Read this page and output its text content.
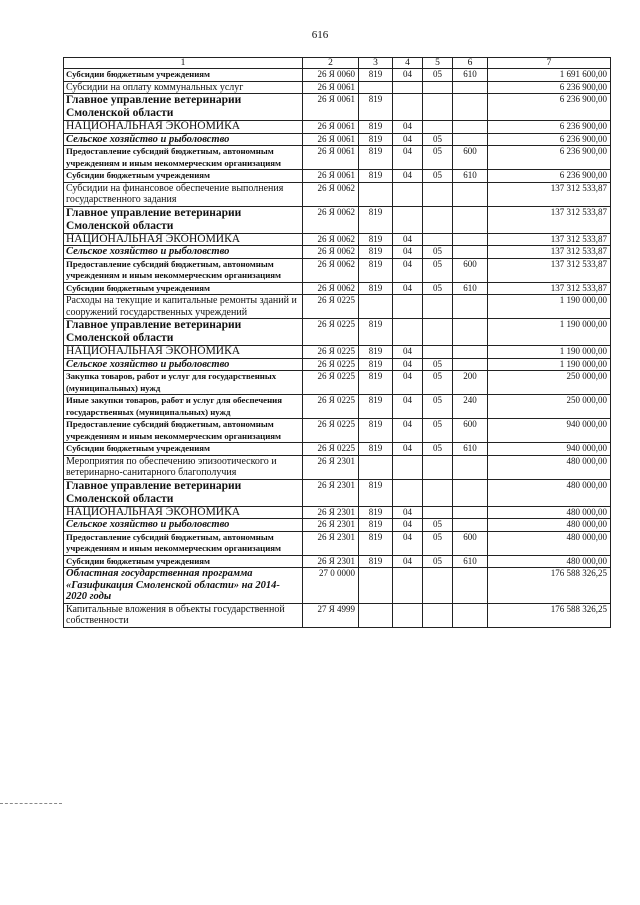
616
1	2	3	4	5	6	7
Субсидии бюджетным учреждениям	26 Я 0060	819	04	05	610	1 691 600,00
Субсидии на оплату коммунальных услуг	26 Я 0061					6 236 900,00
Главное управление ветеринарии Смоленской области	26 Я 0061	819				6 236 900,00
НАЦИОНАЛЬНАЯ ЭКОНОМИКА	26 Я 0061	819	04			6 236 900,00
Сельское хозяйство и рыболовство	26 Я 0061	819	04	05		6 236 900,00
Предоставление субсидий бюджетным, автономным учреждениям и иным некоммерческим организациям	26 Я 0061	819	04	05	600	6 236 900,00
Субсидии бюджетным учреждениям	26 Я 0061	819	04	05	610	6 236 900,00
Субсидии на финансовое обеспечение выполнения государственного задания	26 Я 0062					137 312 533,87
Главное управление ветеринарии Смоленской области	26 Я 0062	819				137 312 533,87
НАЦИОНАЛЬНАЯ ЭКОНОМИКА	26 Я 0062	819	04			137 312 533,87
Сельское хозяйство и рыболовство	26 Я 0062	819	04	05		137 312 533,87
Предоставление субсидий бюджетным, автономным учреждениям и иным некоммерческим организациям	26 Я 0062	819	04	05	600	137 312 533,87
Субсидии бюджетным учреждениям	26 Я 0062	819	04	05	610	137 312 533,87
Расходы на текущие и капитальные ремонты зданий и сооружений государственных учреждений	26 Я 0225					1 190 000,00
Главное управление ветеринарии Смоленской области	26 Я 0225	819				1 190 000,00
НАЦИОНАЛЬНАЯ ЭКОНОМИКА	26 Я 0225	819	04			1 190 000,00
Сельское хозяйство и рыболовство	26 Я 0225	819	04	05		1 190 000,00
Закупка товаров, работ и услуг для государственных (муниципальных) нужд	26 Я 0225	819	04	05	200	250 000,00
Иные закупки товаров, работ и услуг для обеспечения государственных (муниципальных) нужд	26 Я 0225	819	04	05	240	250 000,00
Предоставление субсидий бюджетным, автономным учреждениям и иным некоммерческим организациям	26 Я 0225	819	04	05	600	940 000,00
Субсидии бюджетным учреждениям	26 Я 0225	819	04	05	610	940 000,00
Мероприятия по обеспечению эпизоотического и ветеринарно-санитарного благополучия	26 Я 2301					480 000,00
Главное управление ветеринарии Смоленской области	26 Я 2301	819				480 000,00
НАЦИОНАЛЬНАЯ ЭКОНОМИКА	26 Я 2301	819	04			480 000,00
Сельское хозяйство и рыболовство	26 Я 2301	819	04	05		480 000,00
Предоставление субсидий бюджетным, автономным учреждениям и иным некоммерческим организациям	26 Я 2301	819	04	05	600	480 000,00
Субсидии бюджетным учреждениям	26 Я 2301	819	04	05	610	480 000,00
Областная государственная программа «Газификация Смоленской области» на 2014-2020 годы	27 0 0000					176 588 326,25
Капитальные вложения в объекты государственной собственности	27 Я 4999					176 588 326,25
